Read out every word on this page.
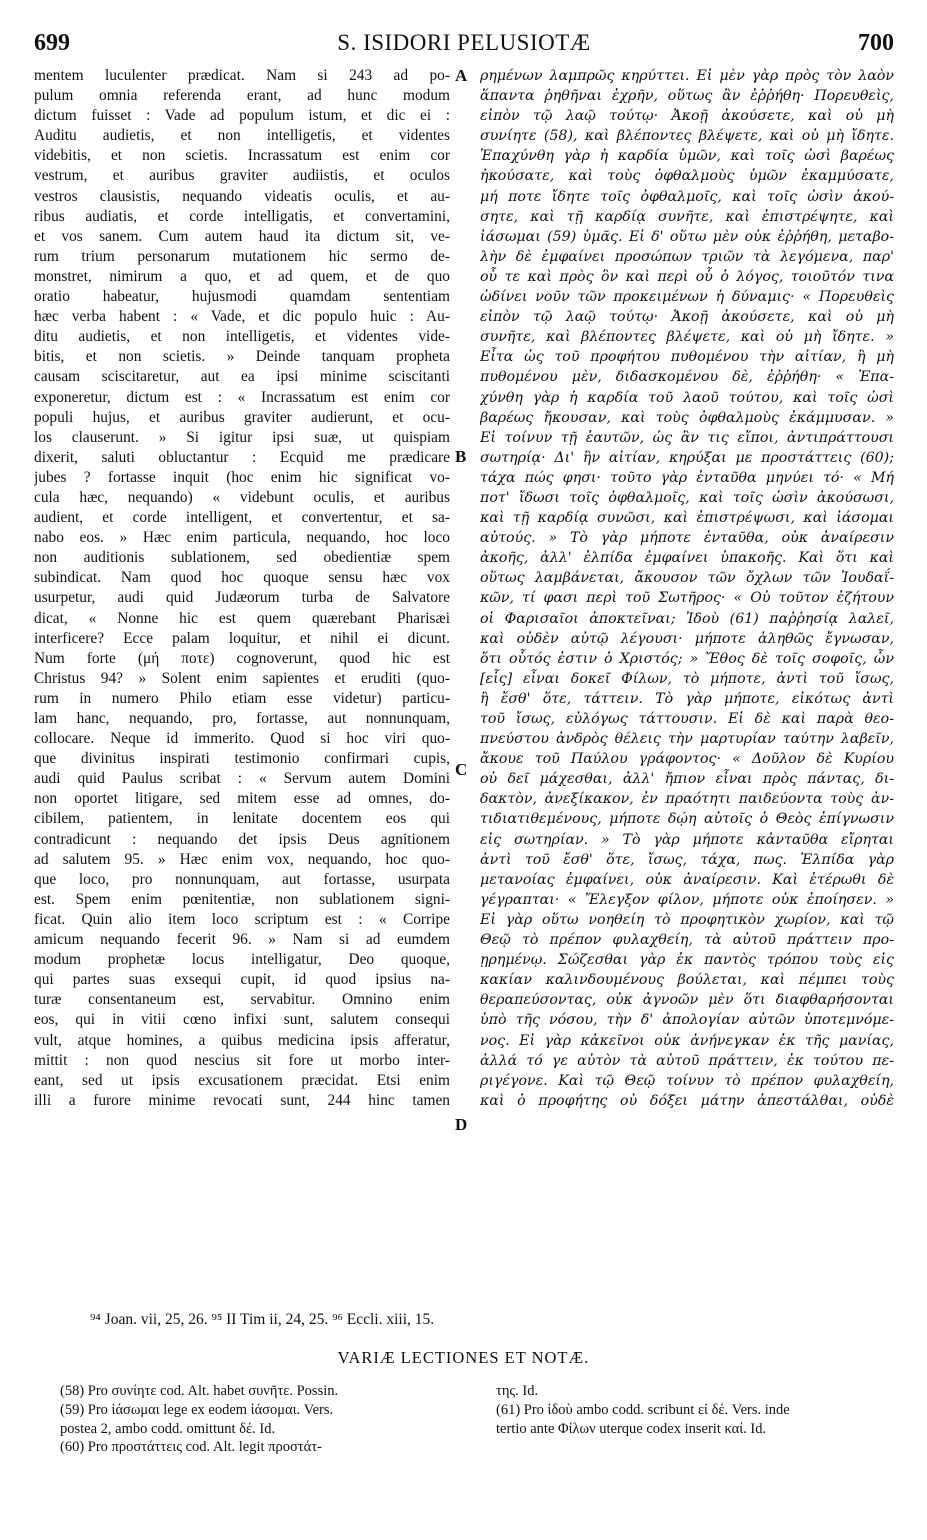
699	S. ISIDORI PELUSIOTÆ	700
mentem luculenter prædicat. Nam si 243 ad po-
pulum omnia referenda erant, ad hunc modum
dictum fuisset : Vade ad populum istum, et dic ei :
Auditu audietis, et non intelligetis, et videntes
videbitis, et non scietis. Incrassatum est enim cor
vestrum, et auribus graviter audiistis, et oculos
vestros clausistis, nequando videatis oculis, et au-
ribus audiatis, et corde intelligatis, et convertamini,
et vos sanem. Cum autem haud ita dictum sit, ve-
rum trium personarum mutationem hic sermo de-
monstret, nimirum a quo, et ad quem, et de quo
oratio habeatur, hujusmodi quamdam sententiam
hæc verba habent : « Vade, et dic populo huic : Au-
ditu audietis, et non intelligetis, et videntes vide-
bitis, et non scietis. » Deinde tanquam propheta
causam sciscitaretur, aut ea ipsi minime sciscitanti
exponeretur, dictum est : « Incrassatum est enim cor
populi hujus, et auribus graviter audierunt, et ocu-
los clauserunt. » Si igitur ipsi suæ, ut quispiam
dixerit, saluti obluctantur : Ecquid me prædicare
jubes ? fortasse inquit (hoc enim hic significat vo-
cula hæc, nequando) « videbunt oculis, et auribus
audient, et corde intelligent, et convertentur, et sa-
nabo eos. » Hæc enim particula, nequando, hoc loco
non auditionis sublationem, sed obedientiæ spem
subindicat. Nam quod hoc quoque sensu hæc vox
usurpetur, audi quid Judæorum turba de Salvatore
dicat, « Nonne hic est quem quærebant Pharisæi
interficere? Ecce palam loquitur, et nihil ei dicunt.
Num forte (μή ποτε) cognoverunt, quod hic est
Christus 94? » Solent enim sapientes et eruditi (quo-
rum in numero Philo etiam esse videtur) particu-
lam hanc, nequando, pro, fortasse, aut nonnunquam,
collocare. Neque id immerito. Quod si hoc viri quo-
que divinitus inspirati testimonio confirmari cupis,
audi quid Paulus scribat : « Servum autem Domini
non oportet litigare, sed mitem esse ad omnes, do-
cibilem, patientem, in lenitate docentem eos qui
contradicunt : nequando det ipsis Deus agnitionem
ad salutem 95. » Hæc enim vox, nequando, hoc quo-
que loco, pro nonnunquam, aut fortasse, usurpata
est. Spem enim pœnitentiæ, non sublationem signi-
ficat. Quin alio item loco scriptum est : « Corripe
amicum nequando fecerit 96. » Nam si ad eumdem
modum prophetæ locus intelligatur, Deo quoque,
qui partes suas exsequi cupit, id quod ipsius na-
turæ consentaneum est, servabitur. Omnino enim
eos, qui in vitii cœno infixi sunt, salutem consequi
vult, atque homines, a quibus medicina ipsis afferatur,
mittit : non quod nescius sit fore ut morbo inter-
eant, sed ut ipsis excusationem præcidat. Etsi enim
illi a furore minime revocati sunt, 244 hinc tamen
ρημένων λαμπρῶς κηρύττει. Εἰ μὲν γὰρ πρὸς τὸν λαὸν
ἅπαντα ῥηθῆναι ἐχρῆν, οὕτως ἂν ἐῤῥήθη· Πορευθεὶς,
εἰπὸν τῷ λαῷ τούτῳ· Ἀκοῇ ἀκούσετε, καὶ οὐ μὴ
συνίητε (58), καὶ βλέποντες βλέψετε, καὶ οὐ μὴ ἴδητε.
Ἐπαχύνθη γὰρ ἡ καρδία ὑμῶν, καὶ τοῖς ὠσὶ βαρέως
ἠκούσατε, καὶ τοὺς ὀφθαλμοὺς ὑμῶν ἐκαμμύσατε,
μή ποτε ἴδητε τοῖς ὀφθαλμοῖς, καὶ τοῖς ὠσὶν ἀκού-
σητε, καὶ τῇ καρδίᾳ συνῆτε, καὶ ἐπιστρέψητε, καὶ
ἰάσωμαι (59) ὑμᾶς. Εἰ δ' οὕτω μὲν οὐκ ἐῤῥήθη, μεταβο-
λὴν δὲ ἐμφαίνει προσώπων τριῶν τὰ λεγόμενα, παρ'
οὗ τε καὶ πρὸς ὃν καὶ περὶ οὗ ὁ λόγος, τοιοῦτόν τινα
ὠδίνει νοῦν τῶν προκειμένων ἡ δύναμις· « Πορευθεὶς
εἰπὸν τῷ λαῷ τούτῳ· Ἀκοῇ ἀκούσετε, καὶ οὐ μὴ
συνῆτε, καὶ βλέποντες βλέψετε, καὶ οὐ μὴ ἴδητε. »
Εἶτα ὡς τοῦ προφήτου πυθομένου τὴν αἰτίαν, ἢ μὴ
πυθομένου μὲν, διδασκομένου δὲ, ἐῤῥήθη· « Ἐπα-
χύνθη γὰρ ἡ καρδία τοῦ λαοῦ τούτου, καὶ τοῖς ὠσὶ
βαρέως ἤκουσαν, καὶ τοὺς ὀφθαλμοὺς ἐκάμμυσαν. »
Εἰ τοίνυν τῇ ἑαυτῶν, ὡς ἂν τις εἴποι, ἀντιπράττουσι
σωτηρίᾳ· Δι' ἣν αἰτίαν, κηρύξαι με προστάττεις (60);
τάχα πώς φησι· τοῦτο γὰρ ἐνταῦθα μηνύει τό· « Μή
ποτ' ἴδωσι τοῖς ὀφθαλμοῖς, καὶ τοῖς ὠσὶν ἀκούσωσι,
καὶ τῇ καρδίᾳ συνῶσι, καὶ ἐπιστρέψωσι, καὶ ἰάσομαι
αὐτούς. » Τὸ γὰρ μήποτε ἐνταῦθα, οὐκ ἀναίρεσιν
ἀκοῆς, ἀλλ' ἐλπίδα ἐμφαίνει ὑπακοῆς. Καὶ ὅτι καὶ
οὕτως λαμβάνεται, ἄκουσον τῶν ὄχλων τῶν Ἰουδαΐ-
κῶν, τί φασι περὶ τοῦ Σωτῆρος· « Οὐ τοῦτον ἐζήτουν
οἱ Φαρισαῖοι ἀποκτεῖναι; Ἰδοὺ (61) παῤῥησίᾳ λαλεῖ,
καὶ οὐδὲν αὐτῷ λέγουσι· μήποτε ἀληθῶς ἔγνωσαν,
ὅτι οὗτός ἐστιν ὁ Χριστός; » Ἔθος δὲ τοῖς σοφοῖς, ὧν
[εἷς] εἶναι δοκεῖ Φίλων, τὸ μήποτε, ἀντὶ τοῦ ἴσως,
ἢ ἔσθ' ὅτε, τάττειν. Τὸ γὰρ μήποτε, εἰκότως ἀντὶ
τοῦ ἴσως, εὐλόγως τάττουσιν. Εἰ δὲ καὶ παρὰ θεο-
πνεύστου ἀνδρὸς θέλεις τὴν μαρτυρίαν ταύτην λαβεῖν,
ἄκουε τοῦ Παύλου γράφοντος· « Δοῦλον δὲ Κυρίου
οὐ δεῖ μάχεσθαι, ἀλλ' ἤπιον εἶναι πρὸς πάντας, δι-
δακτὸν, ἀνεξίκακον, ἐν πραότητι παιδεύοντα τοὺς ἀν-
τιδιατιθεμένους, μήποτε δῴη αὐτοῖς ὁ Θεὸς ἐπίγνωσιν
εἰς σωτηρίαν. » Τὸ γὰρ μήποτε κἀνταῦθα εἴρηται
ἀντὶ τοῦ ἔσθ' ὅτε, ἴσως, τάχα, πως. Ἐλπίδα γὰρ
μετανοίας ἐμφαίνει, οὐκ ἀναίρεσιν. Καὶ ἑτέρωθι δὲ
γέγραπται· « Ἔλεγξον φίλον, μήποτε οὐκ ἐποίησεν. »
Εἰ γὰρ οὕτω νοηθείη τὸ προφητικὸν χωρίον, καὶ τῷ
Θεῷ τὸ πρέπον φυλαχθείη, τὰ αὐτοῦ πράττειν προ-
ῃρημένῳ. Σώζεσθαι γὰρ ἐκ παντὸς τρόπου τοὺς εἰς
κακίαν καλινδουμένους βούλεται, καὶ πέμπει τοὺς
θεραπεύσοντας, οὐκ ἀγνοῶν μὲν ὅτι διαφθαρήσονται
ὑπὸ τῆς νόσου, τὴν δ' ἀπολογίαν αὐτῶν ὑποτεμνόμε-
νος. Εἰ γὰρ κἀκεῖνοι οὐκ ἀνήνεγκαν ἐκ τῆς μανίας,
ἀλλά τό γε αὐτὸν τὰ αὐτοῦ πράττειν, ἐκ τούτου πε-
ριγέγονε. Καὶ τῷ Θεῷ τοίνυν τὸ πρέπον φυλαχθείη,
καὶ ὁ προφήτης οὐ δόξει μάτην ἀπεστάλθαι, οὐδὲ
A
B
C
D
⁹⁴ Joan. vii, 25, 26. ⁹⁵ II Tim ii, 24, 25. ⁹⁶ Eccli. xiii, 15.
VARIÆ LECTIONES ET NOTÆ.
(58) Pro συνίητε cod. Alt. habet συνῆτε. Possin.
(59) Pro ἰάσωμαι lege ex eodem ἰάσομαι. Vers.
postea 2, ambo codd. omittunt δέ. Id.
(60) Pro προστάττεις cod. Alt. legit προστάτ-
της. Id.
(61) Pro ἰδοὺ ambo codd. scribunt εἰ δέ. Vers. inde
tertio ante Φίλων uterque codex inserit καί. Id.
